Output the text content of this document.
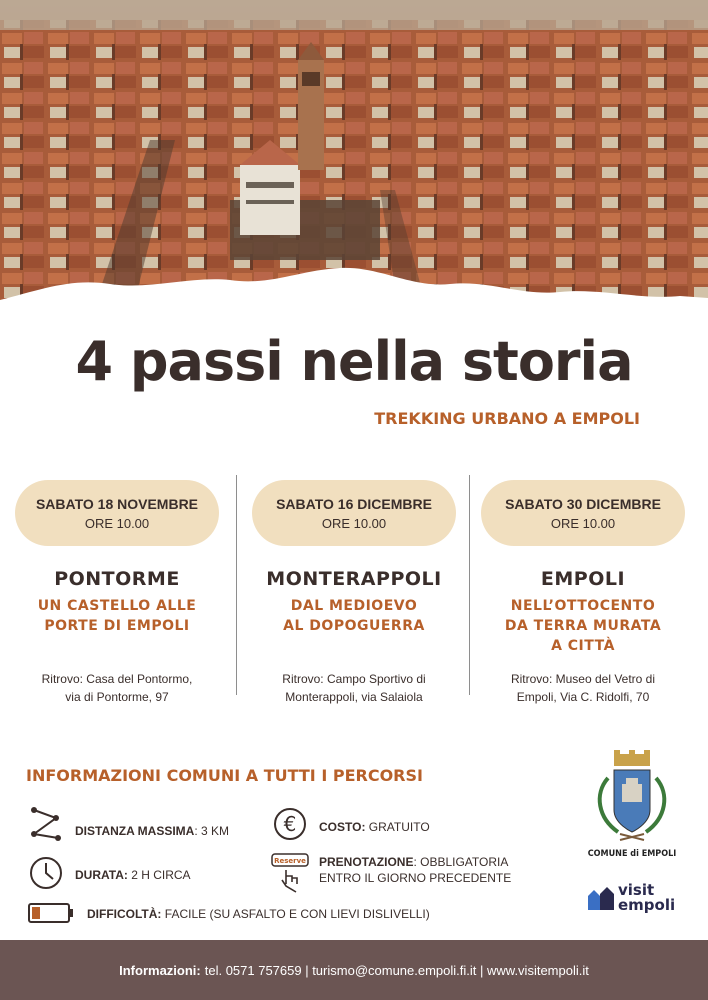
4 passi nella storia
TREKKING URBANO A EMPOLI
SABATO 18 NOVEMBRE
ORE 10.00
PONTORME
UN CASTELLO ALLE
PORTE DI EMPOLI
Ritrovo: Casa del Pontormo,
via di Pontorme, 97
SABATO 16 DICEMBRE
ORE 10.00
MONTERAPPOLI
DAL MEDIOEVO
AL DOPOGUERRA
Ritrovo: Campo Sportivo di
Monterappoli, via Salaiola
SABATO 30 DICEMBRE
ORE 10.00
EMPOLI
NELL’OTTOCENTO
DA TERRA MURATA
A CITTÀ
Ritrovo: Museo del Vetro di
Empoli, Via C. Ridolfi, 70
INFORMAZIONI COMUNI A TUTTI I PERCORSI
DISTANZA MASSIMA: 3 KM
DURATA: 2 H CIRCA
DIFFICOLTÀ: FACILE (SU ASFALTO E CON LIEVI DISLIVELLI)
€ COSTO: GRATUITO
Reserve PRENOTAZIONE: OBBLIGATORIA
ENTRO IL GIORNO PRECEDENTE
COMUNE di EMPOLI
visit
empoli
Informazioni: tel. 0571 757659 | turismo@comune.empoli.fi.it | www.visitempoli.it
